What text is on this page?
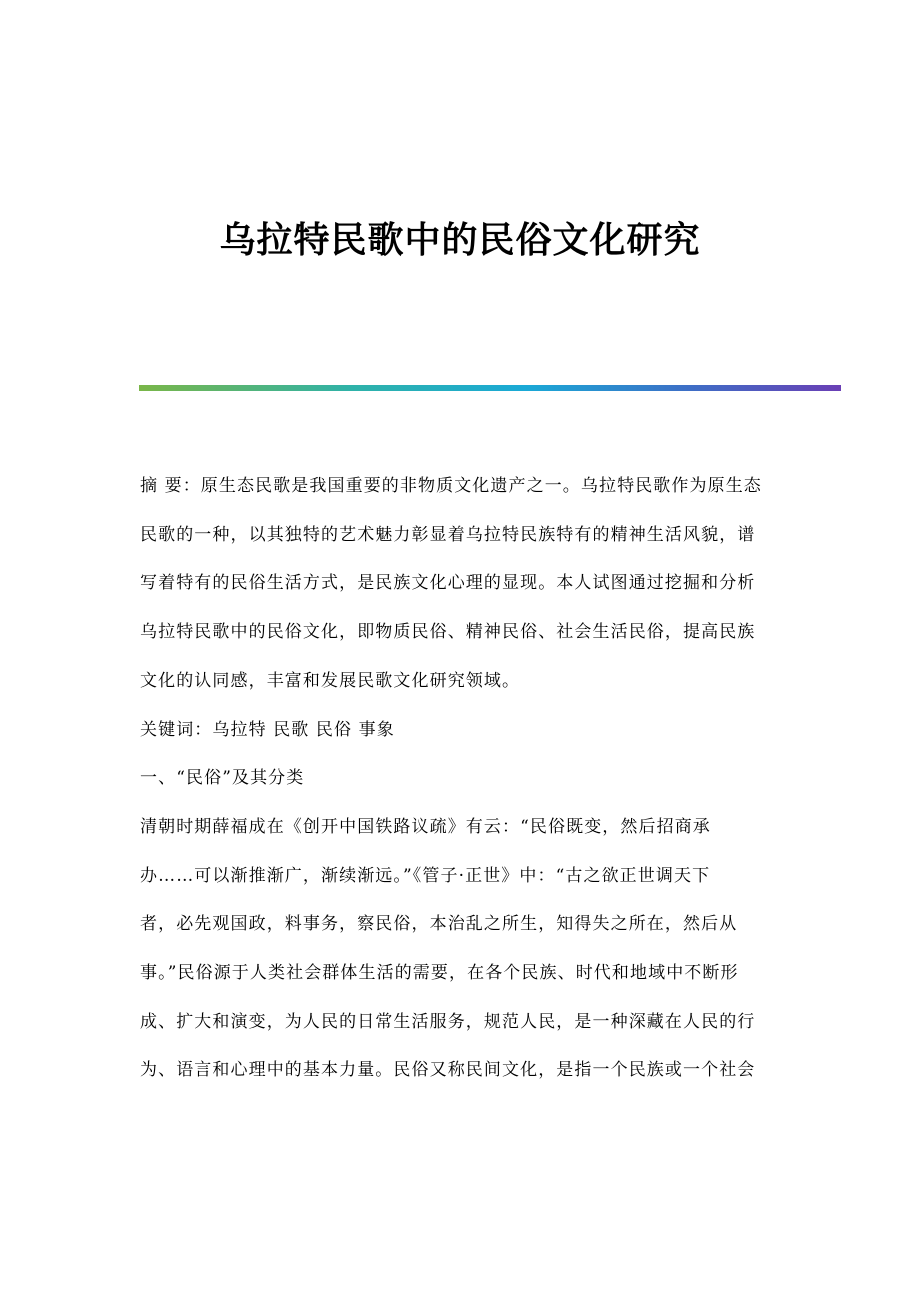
乌拉特民歌中的民俗文化研究
摘 要：原生态民歌是我国重要的非物质文化遗产之一。乌拉特民歌作为原生态
民歌的一种，以其独特的艺术魅力彰显着乌拉特民族特有的精神生活风貌，谱
写着特有的民俗生活方式，是民族文化心理的显现。本人试图通过挖掘和分析
乌拉特民歌中的民俗文化，即物质民俗、精神民俗、社会生活民俗，提高民族
文化的认同感，丰富和发展民歌文化研究领域。
关键词：乌拉特 民歌 民俗 事象
一、“民俗”及其分类
清朝时期薛福成在《创开中国铁路议疏》有云：“民俗既变，然后招商承
办……可以渐推渐广，渐续渐远。”《管子·正世》中：“古之欲正世调天下
者，必先观国政，料事务，察民俗，本治乱之所生，知得失之所在，然后从
事。”民俗源于人类社会群体生活的需要，在各个民族、时代和地域中不断形
成、扩大和演变，为人民的日常生活服务，规范人民，是一种深藏在人民的行
为、语言和心理中的基本力量。民俗又称民间文化，是指一个民族或一个社会
